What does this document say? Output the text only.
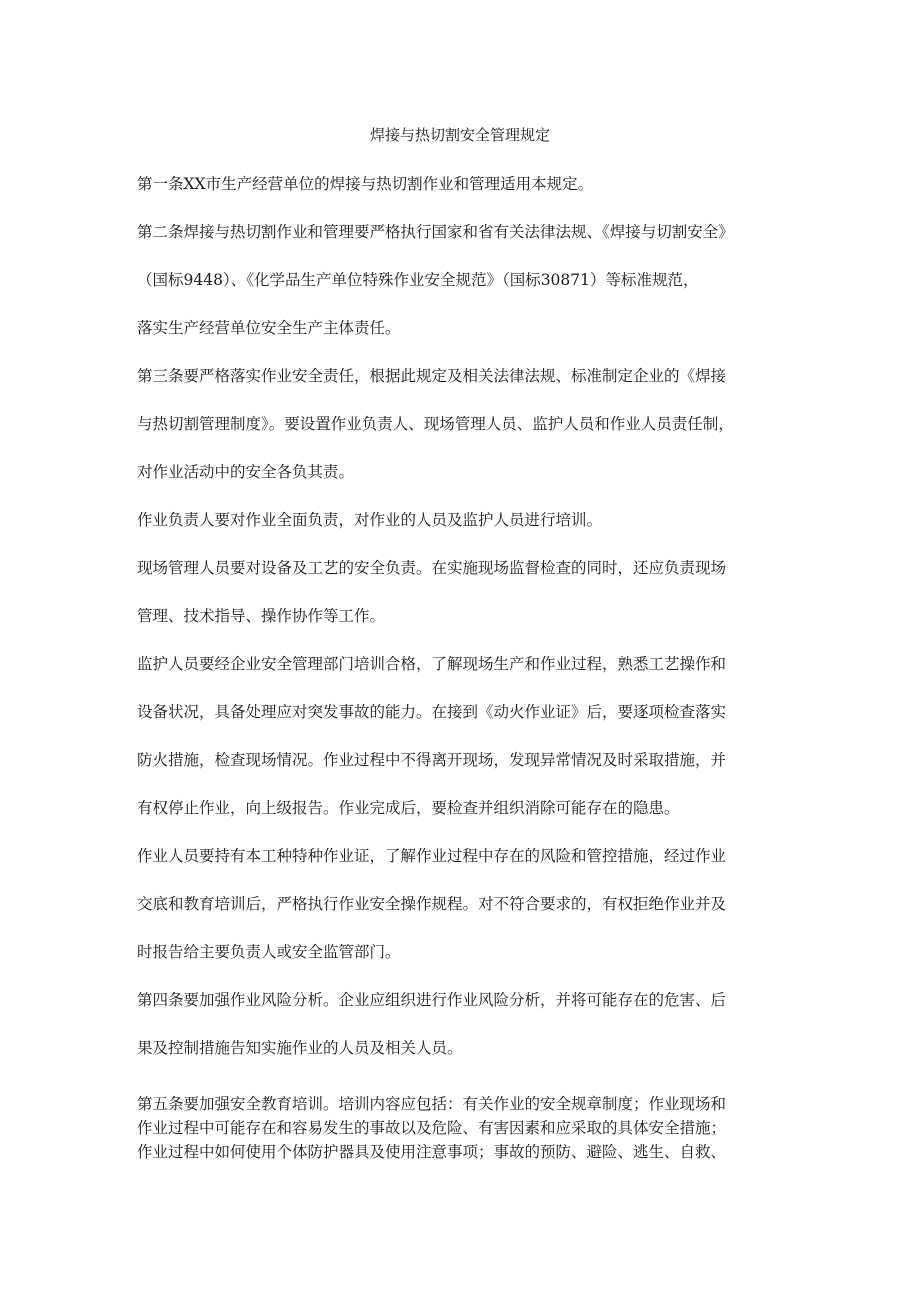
焊接与热切割安全管理规定

第一条XX市生产经营单位的焊接与热切割作业和管理适用本规定。

第二条焊接与热切割作业和管理要严格执行国家和省有关法律法规、《焊接与切割安全》

（国标9448）、《化学品生产单位特殊作业安全规范》（国标30871）等标准规范，

落实生产经营单位安全生产主体责任。

第三条要严格落实作业安全责任，根据此规定及相关法律法规、标准制定企业的《焊接

与热切割管理制度》。要设置作业负责人、现场管理人员、监护人员和作业人员责任制，

对作业活动中的安全各负其责。

作业负责人要对作业全面负责，对作业的人员及监护人员进行培训。

现场管理人员要对设备及工艺的安全负责。在实施现场监督检查的同时，还应负责现场

管理、技术指导、操作协作等工作。

监护人员要经企业安全管理部门培训合格，了解现场生产和作业过程，熟悉工艺操作和

设备状况，具备处理应对突发事故的能力。在接到《动火作业证》后，要逐项检查落实

防火措施，检查现场情况。作业过程中不得离开现场，发现异常情况及时采取措施，并

有权停止作业，向上级报告。作业完成后，要检查并组织消除可能存在的隐患。

作业人员要持有本工种特种作业证，了解作业过程中存在的风险和管控措施，经过作业

交底和教育培训后，严格执行作业安全操作规程。对不符合要求的，有权拒绝作业并及

时报告给主要负责人或安全监管部门。

第四条要加强作业风险分析。企业应组织进行作业风险分析，并将可能存在的危害、后

果及控制措施告知实施作业的人员及相关人员。

第五条要加强安全教育培训。培训内容应包括：有关作业的安全规章制度；作业现场和

作业过程中可能存在和容易发生的事故以及危险、有害因素和应采取的具体安全措施；

作业过程中如何使用个体防护器具及使用注意事项；事故的预防、避险、逃生、自救、
